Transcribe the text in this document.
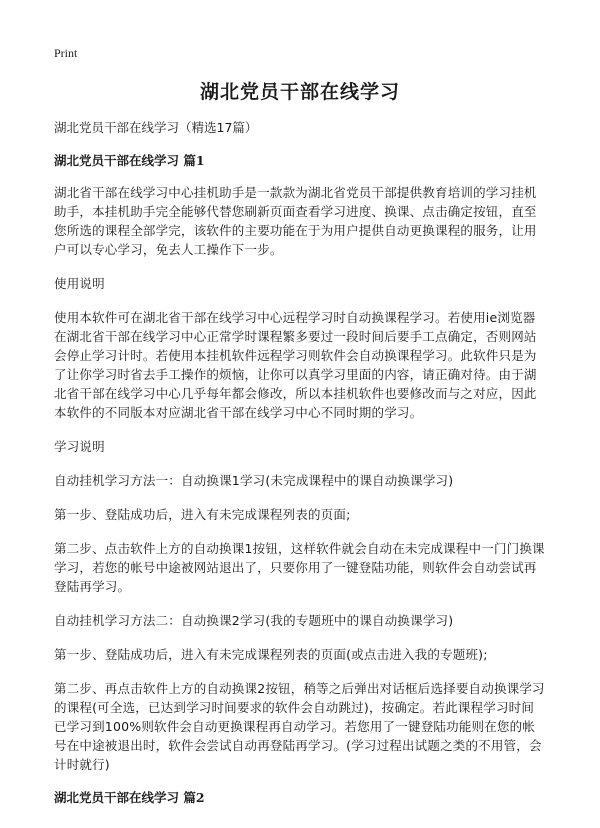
Print
湖北党员干部在线学习
湖北党员干部在线学习（精选17篇）
湖北党员干部在线学习 篇1

湖北省干部在线学习中心挂机助手是一款款为湖北省党员干部提供教育培训的学习挂机助手，本挂机助手完全能够代替您刷新页面查看学习进度、换课、点击确定按钮，直至您所选的课程全部学完，该软件的主要功能在于为用户提供自动更换课程的服务，让用户可以专心学习，免去人工操作下一步。

使用说明

使用本软件可在湖北省干部在线学习中心远程学习时自动换课程学习。若使用ie浏览器在湖北省干部在线学习中心正常学时课程繁多要过一段时间后要手工点确定，否则网站会停止学习计时。若使用本挂机软件远程学习则软件会自动换课程学习。此软件只是为了让你学习时省去手工操作的烦恼，让你可以真学习里面的内容，请正确对待。由于湖北省干部在线学习中心几乎每年都会修改，所以本挂机软件也要修改而与之对应，因此本软件的不同版本对应湖北省干部在线学习中心不同时期的学习。

学习说明

自动挂机学习方法一：自动换课1学习(未完成课程中的课自动换课学习)

第一步、登陆成功后，进入有未完成课程列表的页面;

第二步、点击软件上方的自动换课1按钮，这样软件就会自动在未完成课程中一门门换课学习，若您的帐号中途被网站退出了，只要你用了一键登陆功能，则软件会自动尝试再登陆再学习。

自动挂机学习方法二：自动换课2学习(我的专题班中的课自动换课学习)

第一步、登陆成功后，进入有未完成课程列表的页面(或点击进入我的专题班);

第二步、再点击软件上方的自动换课2按钮，稍等之后弹出对话框后选择要自动换课学习的课程(可全选，已达到学习时间要求的软件会自动跳过)，按确定。若此课程学习时间已学习到100%则软件会自动更换课程再自动学习。若您用了一键登陆功能则在您的帐号在中途被退出时，软件会尝试自动再登陆再学习。(学习过程出试题之类的不用管，会计时就行)

湖北党员干部在线学习 篇2
